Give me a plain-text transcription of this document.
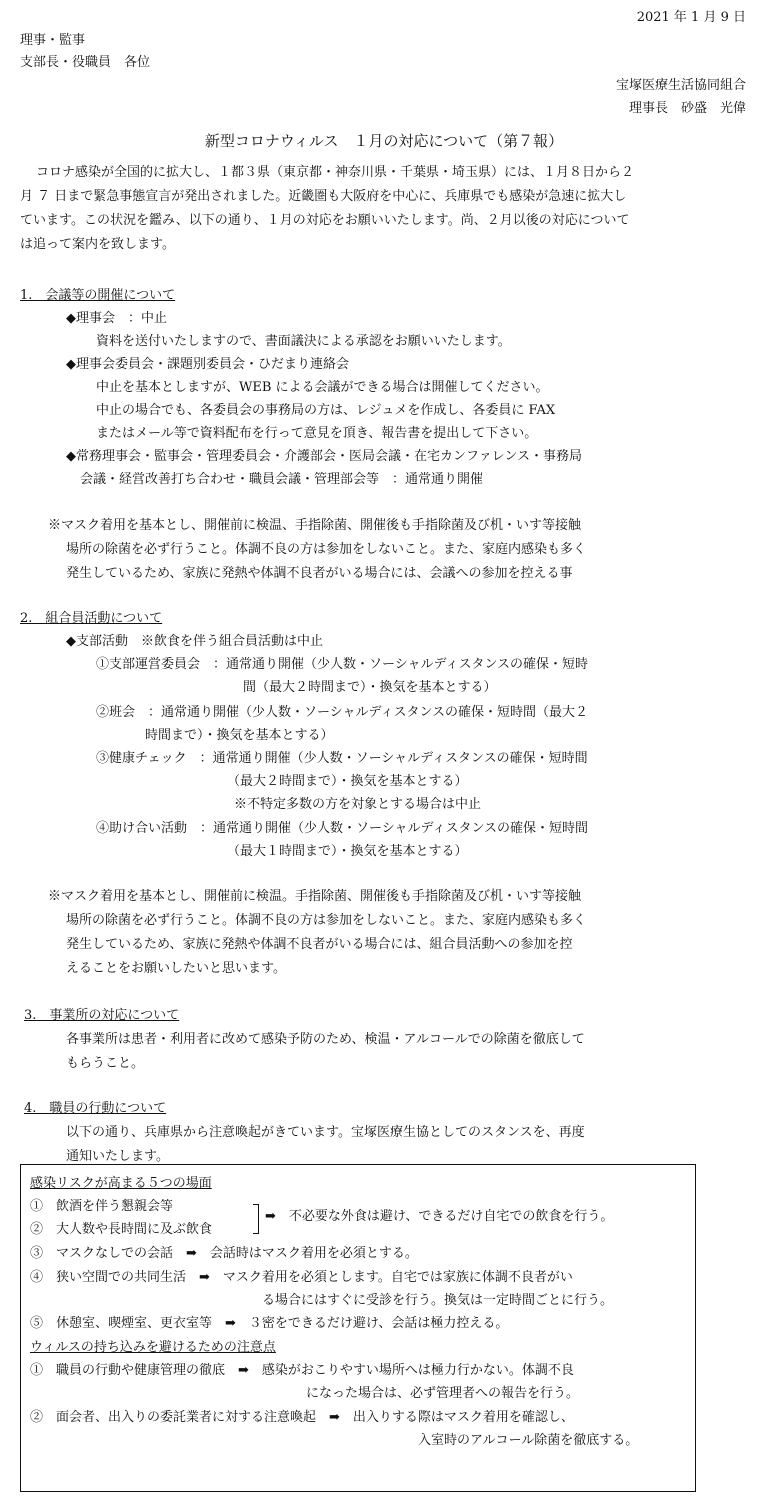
2021 年 1 月 9 日
理事・監事
支部長・役職員　各位
宝塚医療生活協同組合
理事長　砂盛　光偉
新型コロナウィルス　１月の対応について（第７報）
コロナ感染が全国的に拡大し、１都３県（東京都・神奈川県・千葉県・埼玉県）には、１月８日から２
月 ７ 日まで緊急事態宣言が発出されました。近畿圏も大阪府を中心に、兵庫県でも感染が急速に拡大し
ています。この状況を鑑み、以下の通り、１月の対応をお願いいたします。尚、２月以後の対応について
は追って案内を致します。
1.　会議等の開催について
◆理事会　：中止
資料を送付いたしますので、書面議決による承認をお願いいたします。
◆理事会委員会・課題別委員会・ひだまり連絡会
中止を基本としますが、WEB による会議ができる場合は開催してください。
中止の場合でも、各委員会の事務局の方は、レジュメを作成し、各委員に FAX
またはメール等で資料配布を行って意見を頂き、報告書を提出して下さい。
◆常務理事会・監事会・管理委員会・介護部会・医局会議・在宅カンファレンス・事務局
会議・経営改善打ち合わせ・職員会議・管理部会等　：通常通り開催
※マスク着用を基本とし、開催前に検温、手指除菌、開催後も手指除菌及び机・いす等接触
場所の除菌を必ず行うこと。体調不良の方は参加をしないこと。また、家庭内感染も多く
発生しているため、家族に発熱や体調不良者がいる場合には、会議への参加を控える事
2.　組合員活動について
◆支部活動　※飲食を伴う組合員活動は中止
①支部運営委員会　：通常通り開催（少人数・ソーシャルディスタンスの確保・短時
間（最大２時間まで）・換気を基本とする）
②班会　：通常通り開催（少人数・ソーシャルディスタンスの確保・短時間（最大２
時間まで）・換気を基本とする）
③健康チェック　：通常通り開催（少人数・ソーシャルディスタンスの確保・短時間
（最大２時間まで）・換気を基本とする）
※不特定多数の方を対象とする場合は中止
④助け合い活動　：通常通り開催（少人数・ソーシャルディスタンスの確保・短時間
（最大１時間まで）・換気を基本とする）
※マスク着用を基本とし、開催前に検温。手指除菌、開催後も手指除菌及び机・いす等接触
場所の除菌を必ず行うこと。体調不良の方は参加をしないこと。また、家庭内感染も多く
発生しているため、家族に発熱や体調不良者がいる場合には、組合員活動への参加を控
えることをお願いしたいと思います。
3.　事業所の対応について
各事業所は患者・利用者に改めて感染予防のため、検温・アルコールでの除菌を徹底して
もらうこと。
4.　職員の行動について
以下の通り、兵庫県から注意喚起がきています。宝塚医療生協としてのスタンスを、再度
通知いたします。
感染リスクが高まる５つの場面
①　飲酒を伴う懇親会等
②　大人数や長時間に及ぶ飲食
➡　不必要な外食は避け、できるだけ自宅での飲食を行う。
③　マスクなしでの会話　➡　会話時はマスク着用を必須とする。
④　狭い空間での共同生活　➡　マスク着用を必須とします。自宅では家族に体調不良者がい
る場合にはすぐに受診を行う。換気は一定時間ごとに行う。
⑤　休憩室、喫煙室、更衣室等　➡　３密をできるだけ避け、会話は極力控える。
ウィルスの持ち込みを避けるための注意点
①　職員の行動や健康管理の徹底　➡　感染がおこりやすい場所へは極力行かない。体調不良
になった場合は、必ず管理者への報告を行う。
②　面会者、出入りの委託業者に対する注意喚起　➡　出入りする際はマスク着用を確認し、
入室時のアルコール除菌を徹底する。
